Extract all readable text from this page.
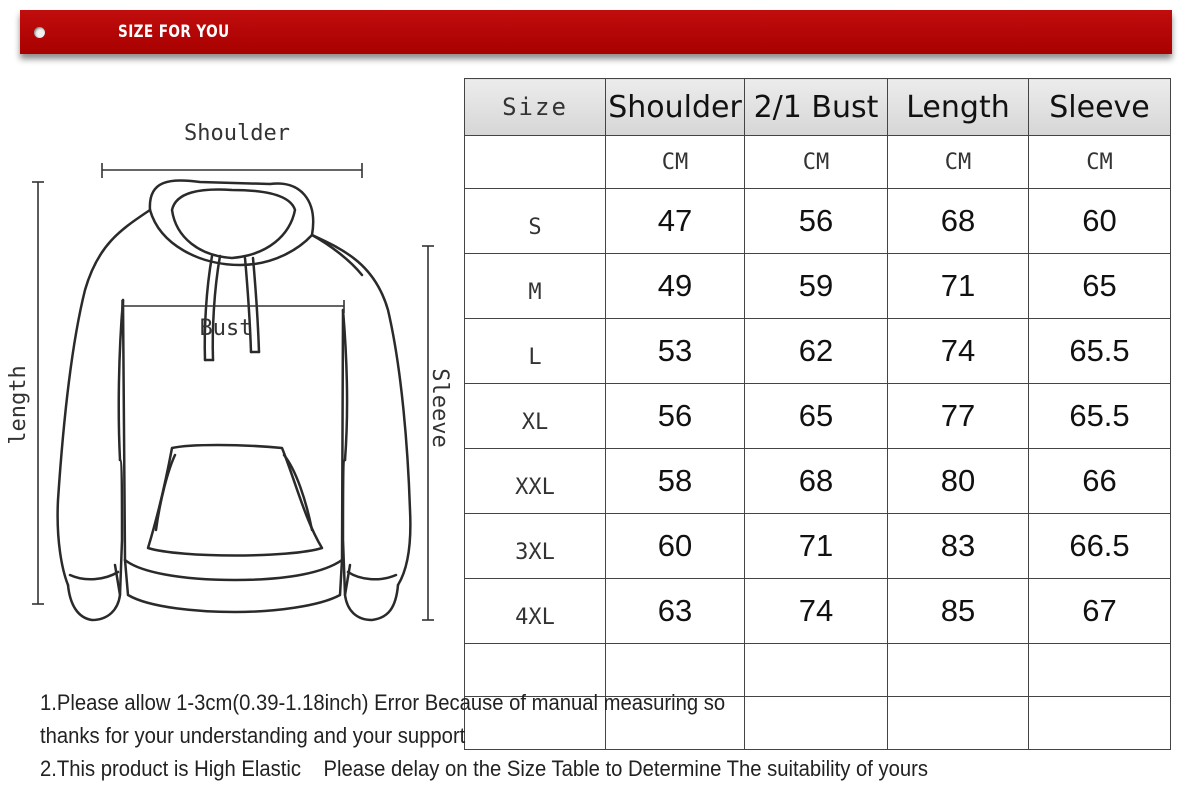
SIZE FOR YOU
Shoulder
Bust
length	Sleeve
Size	Shoulder	2/1 Bust	Length	Sleeve
	CM	CM	CM	CM
S	47	56	68	60
M	49	59	71	65
L	53	62	74	65.5
XL	56	65	77	65.5
XXL	58	68	80	66
3XL	60	71	83	66.5
4XL	63	74	85	67

1.Please allow 1-3cm(0.39-1.18inch) Error Because of manual measuring so

thanks for your understanding and your support

2.This product is High Elastic    Please delay on the Size Table to Determine The suitability of yours
